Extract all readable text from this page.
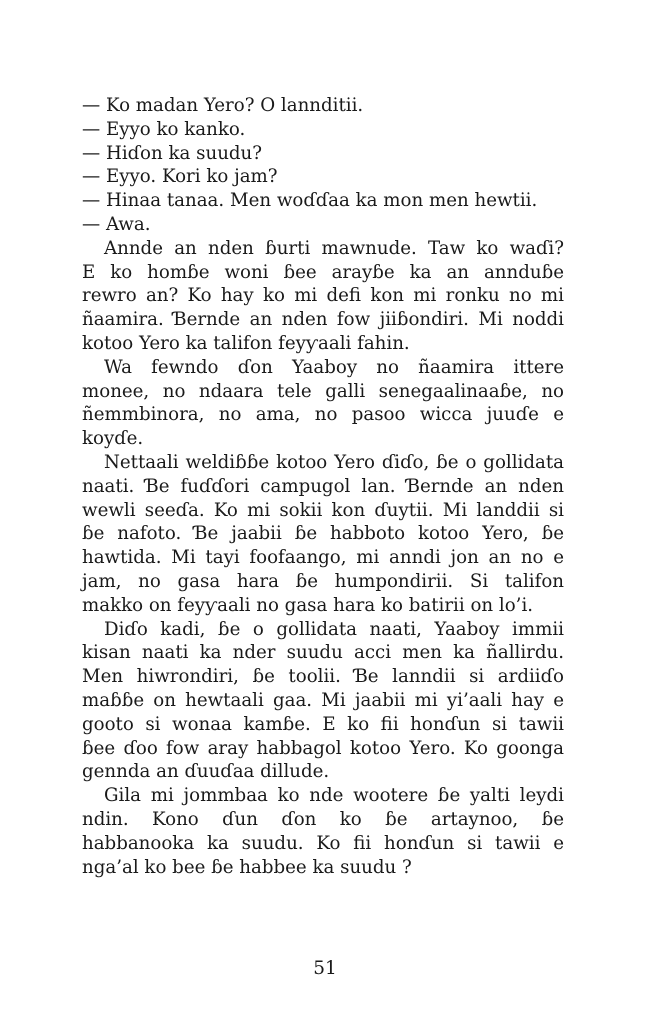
— Ko madan Yero? O lannditii.

— Eyyo ko kanko.

— Hiɗon ka suudu?

— Eyyo. Kori ko jam?

— Hinaa tanaa. Men woɗɗaa ka mon men hewtii.

— Awa.

Annde an nden ɓurti mawnude. Taw ko waɗi?
E ko homɓe woni ɓee arayɓe ka an annduɓe
rewro an? Ko hay ko mi defi kon mi ronku no mi
ñaamira. Ɓernde an nden fow jiiɓondiri. Mi noddi
kotoo Yero ka talifon feyƴaali fahin.
Wa fewndo ɗon Yaaboy no ñaamira ittere
monee, no ndaara tele galli senegaalinaaɓe, no
ñemmbinora, no ama, no pasoo wicca juuɗe e
koyɗe.
Nettaali weldiɓɓe kotoo Yero ɗiɗo, ɓe o gollidata
naati. Ɓe fuɗɗori campugol lan. Ɓernde an nden
wewli seeɗa. Ko mi sokii kon ɗuytii. Mi landdii si
ɓe nafoto. Ɓe jaabii ɓe habboto kotoo Yero, ɓe
hawtida. Mi tayi foofaango, mi anndi jon an no e
jam, no gasa hara ɓe humpondirii. Si talifon
makko on feyƴaali no gasa hara ko batirii on lo’i.
Diɗo kadi, ɓe o gollidata naati, Yaaboy immii
kisan naati ka nder suudu acci men ka ñallirdu.
Men hiwrondiri, ɓe toolii. Ɓe lanndii si ardiiɗo
maɓɓe on hewtaali gaa. Mi jaabii mi yi’aali hay e
gooto si wonaa kamɓe. E ko fii honɗun si tawii
ɓee ɗoo fow aray habbagol kotoo Yero. Ko goonga
gennda an ɗuuɗaa dillude.
Gila mi jommbaa ko nde wootere ɓe yalti leydi
ndin. Kono ɗun ɗon ko ɓe artaynoo, ɓe
habbanooka ka suudu. Ko fii honɗun si tawii e
nga’al ko bee ɓe habbee ka suudu ?
51
